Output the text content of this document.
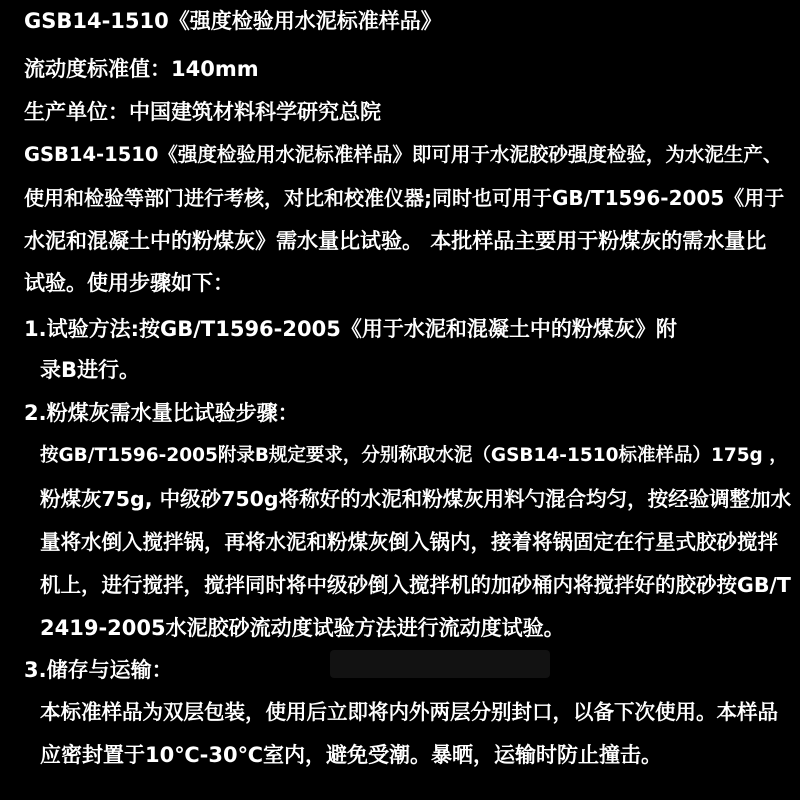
GSB14-1510《强度检验用水泥标准样品》
流动度标准值：140mm
生产单位：中国建筑材料科学研究总院
GSB14-1510《强度检验用水泥标准样品》即可用于水泥胶砂强度检验，为水泥生产、
使用和检验等部门进行考核，对比和校准仪器;同时也可用于GB/T1596-2005《用于
水泥和混凝土中的粉煤灰》需水量比试验。 本批样品主要用于粉煤灰的需水量比
试验。使用步骤如下：
1.试验方法:按GB/T1596-2005《用于水泥和混凝土中的粉煤灰》附
录B进行。
2.粉煤灰需水量比试验步骤：
按GB/T1596-2005附录B规定要求，分别称取水泥（GSB14-1510标准样品）175g ，
粉煤灰75g, 中级砂750g将称好的水泥和粉煤灰用料勺混合均匀，按经验调整加水
量将水倒入搅拌锅，再将水泥和粉煤灰倒入锅内，接着将锅固定在行星式胶砂搅拌
机上，进行搅拌，搅拌同时将中级砂倒入搅拌机的加砂桶内将搅拌好的胶砂按GB/T
2419-2005水泥胶砂流动度试验方法进行流动度试验。
3.储存与运输：
本标准样品为双层包装，使用后立即将内外两层分别封口，以备下次使用。本样品
应密封置于10℃-30℃室内，避免受潮。暴晒，运输时防止撞击。
